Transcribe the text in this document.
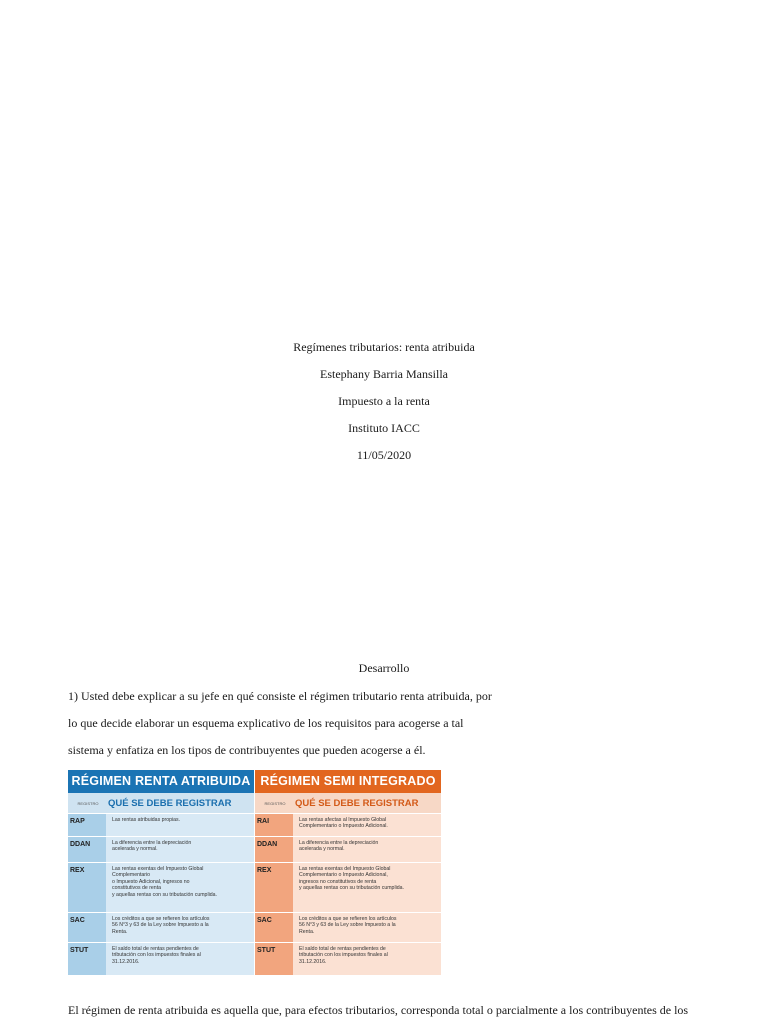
Regímenes tributarios: renta atribuida

Estephany Barria Mansilla

Impuesto a la renta

Instituto IACC

11/05/2020

Desarrollo
1) Usted debe explicar a su jefe en qué consiste el régimen tributario renta atribuida, por
lo que decide elaborar un esquema explicativo de los requisitos para acogerse a tal
sistema y enfatiza en los tipos de contribuyentes que pueden acogerse a él.
RÉGIMEN RENTA ATRIBUIDA
REGISTRO	QUÉ SE DEBE REGISTRAR
RAP	Las rentas atribuidas propias.
DDAN	La diferencia entre la depreciación
acelerada y normal.
REX	Las rentas exentas del Impuesto Global
Complementario
o Impuesto Adicional, ingresos no
constitutivos de renta
y aquellas rentas con su tributación cumplida.
SAC	Los créditos a que se refieren los artículos
56 N°3 y 63 de la Ley sobre Impuesto a la
Renta.
STUT	El saldo total de rentas pendientes de
tributación con los impuestos finales al
31.12.2016.
RÉGIMEN SEMI INTEGRADO
REGISTRO	QUÉ SE DEBE REGISTRAR
RAI	Las rentas afectas al Impuesto Global
Complementario o Impuesto Adicional.
DDAN	La diferencia entre la depreciación
acelerada y normal.
REX	Las rentas exentas del Impuesto Global
Complementario o Impuesto Adicional,
ingresos no constitutivos de renta
y aquellas rentas con su tributación cumplida.
SAC	Los créditos a que se refieren los artículos
56 N°3 y 63 de la Ley sobre Impuesto a la
Renta.
STUT	El saldo total de rentas pendientes de
tributación con los impuestos finales al
31.12.2016.
El régimen de renta atribuida es aquella que, para efectos tributarios, corresponda total o parcialmente a los contribuyentes de los
